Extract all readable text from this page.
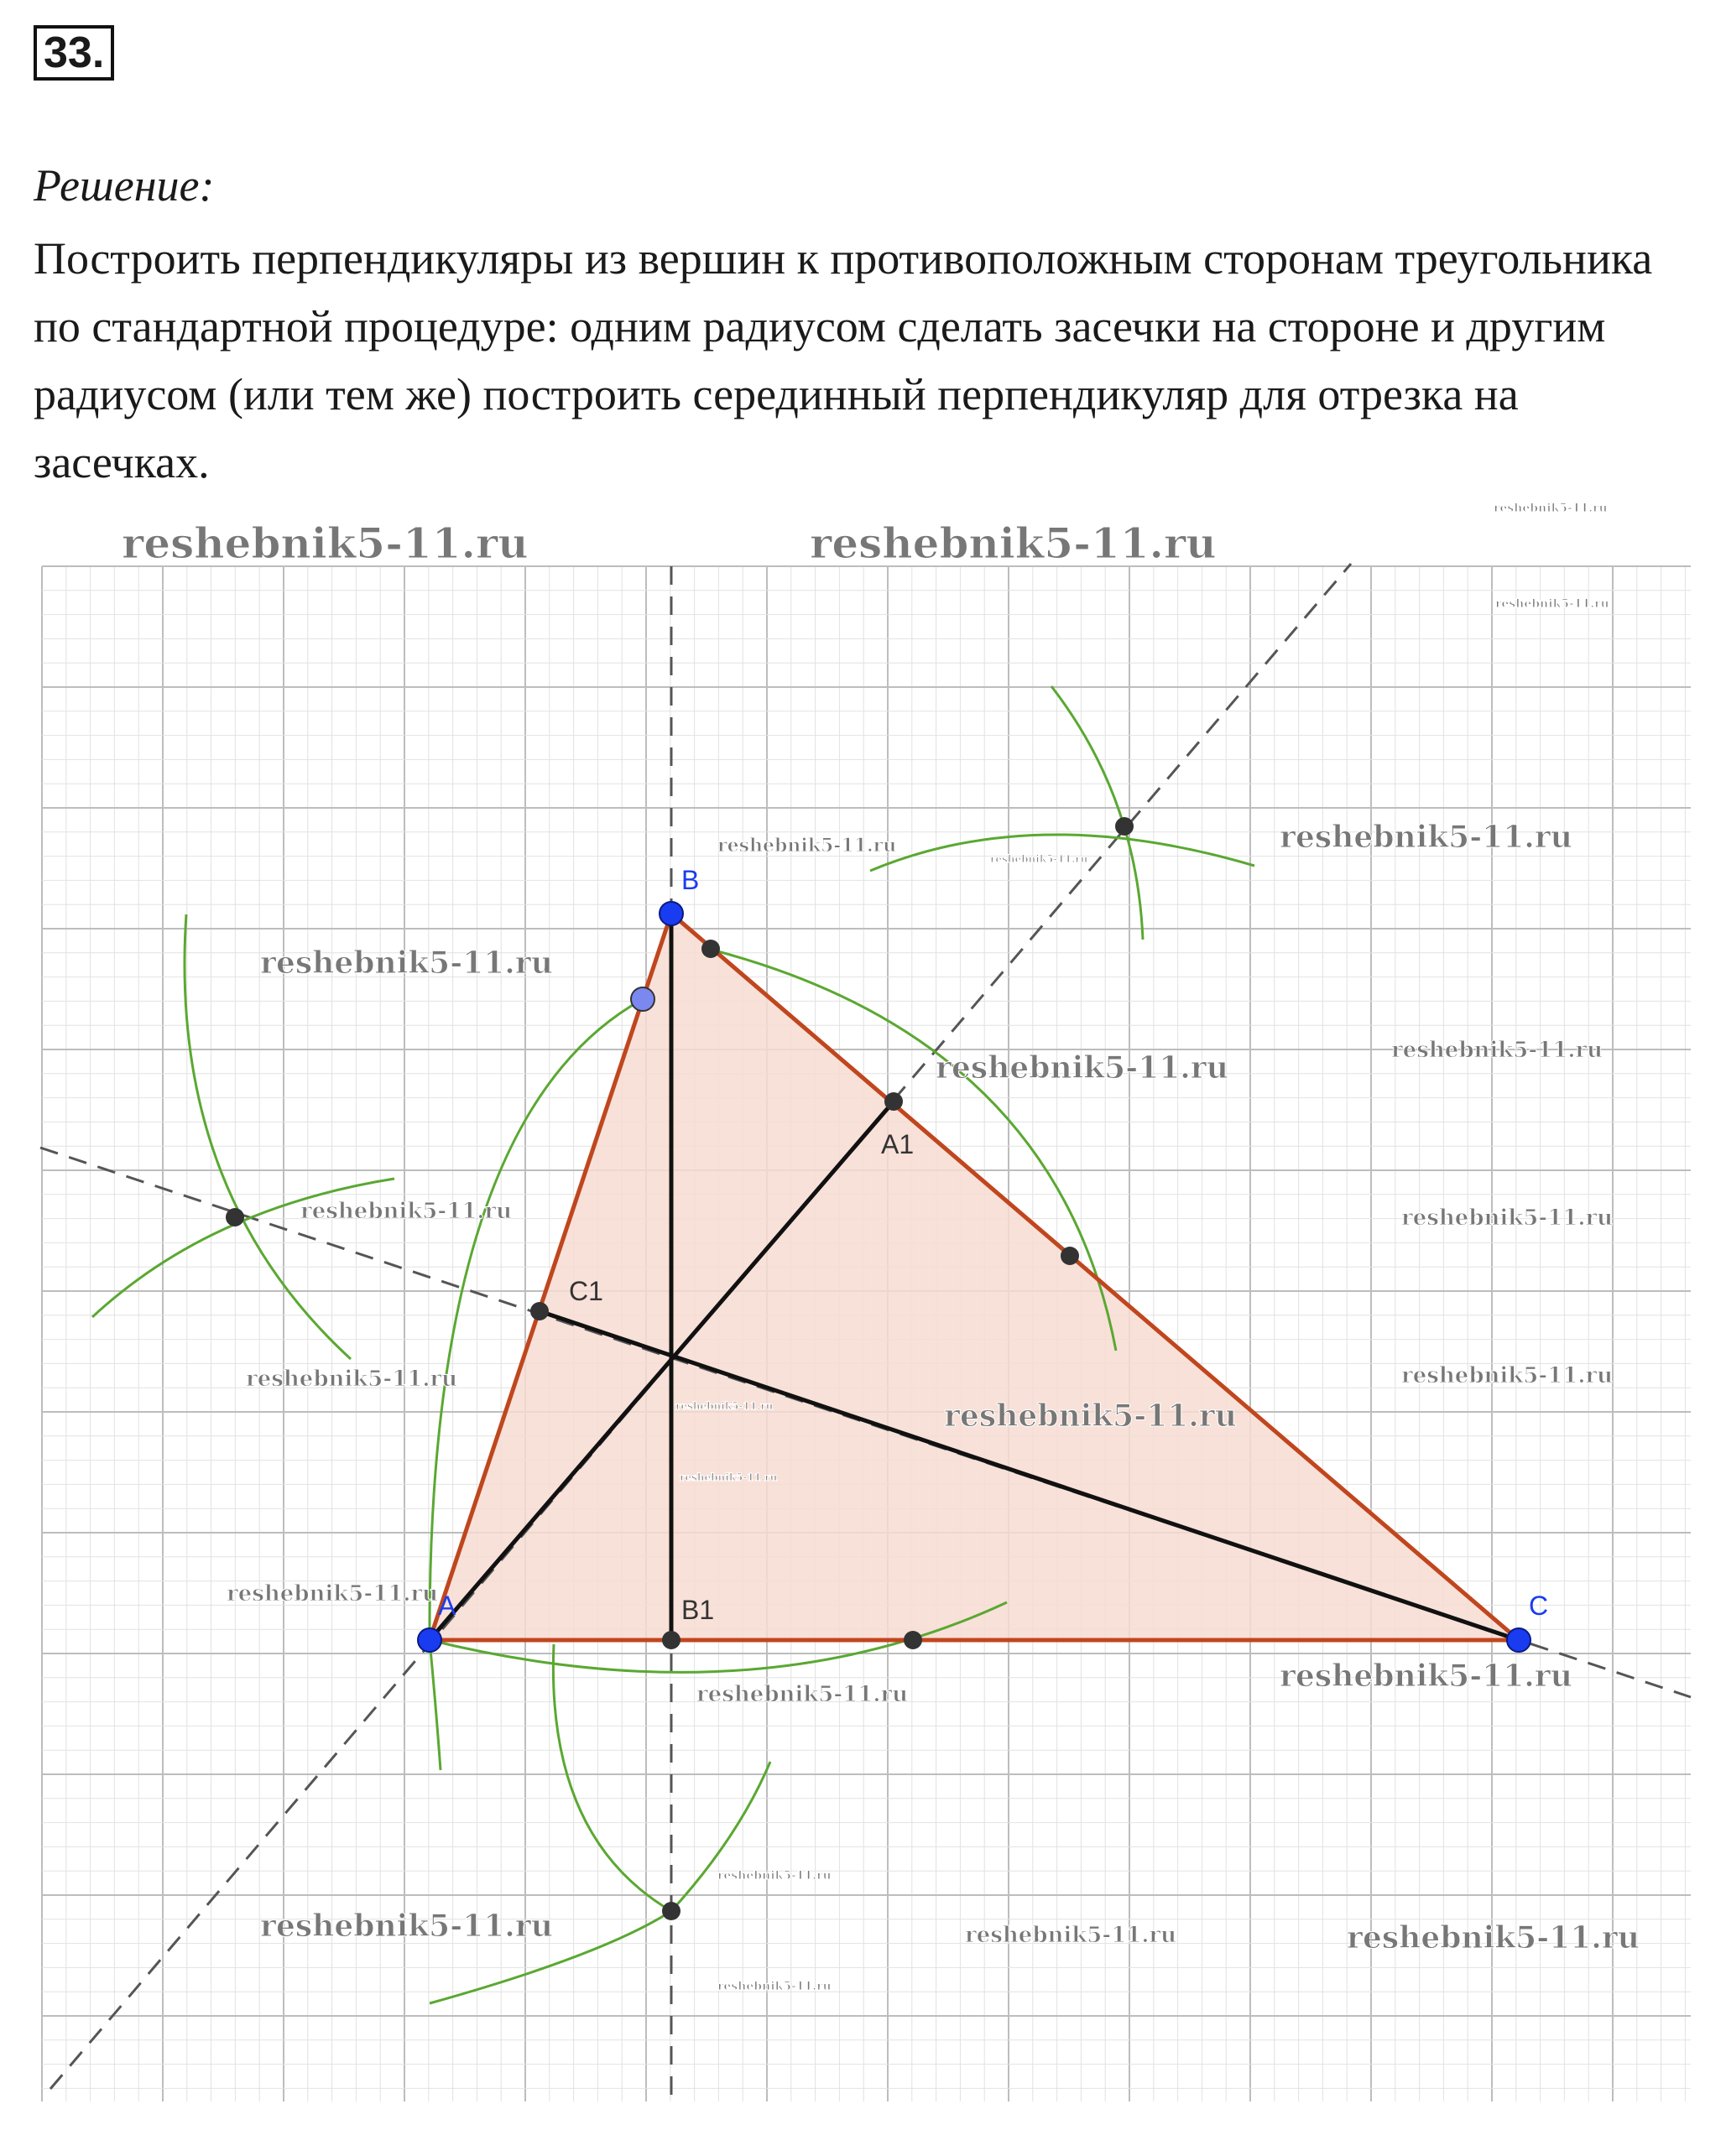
33.
Решение:
Построить перпендикуляры из вершин к противоположным сторонам треугольника по стандартной процедуре: одним радиусом сделать засечки на стороне и другим радиусом (или тем же) построить серединный перпендикуляр для отрезка на засечках.
B
A	C
A1
B1
C1
reshebnik5-11.ru	reshebnik5-11.ru
reshebnik5-11.ru
reshebnik5-11.ru
reshebnik5-11.ru
reshebnik5-11.ru
reshebnik5-11.ru
reshebnik5-11.ru	reshebnik5-11.ru
reshebnik5-11.ru
reshebnik5-11.ru
reshebnik5-11.ru	reshebnik5-11.ru
reshebnik5-11.ru	reshebnik5-11.ru
reshebnik5-11.ru
reshebnik5-11.ru
reshebnik5-11.ru
reshebnik5-11.ru
reshebnik5-11.ru
reshebnik5-11.ru
reshebnik5-11.ru
reshebnik5-11.ru
reshebnik5-11.ru
reshebnik5-11.ru
